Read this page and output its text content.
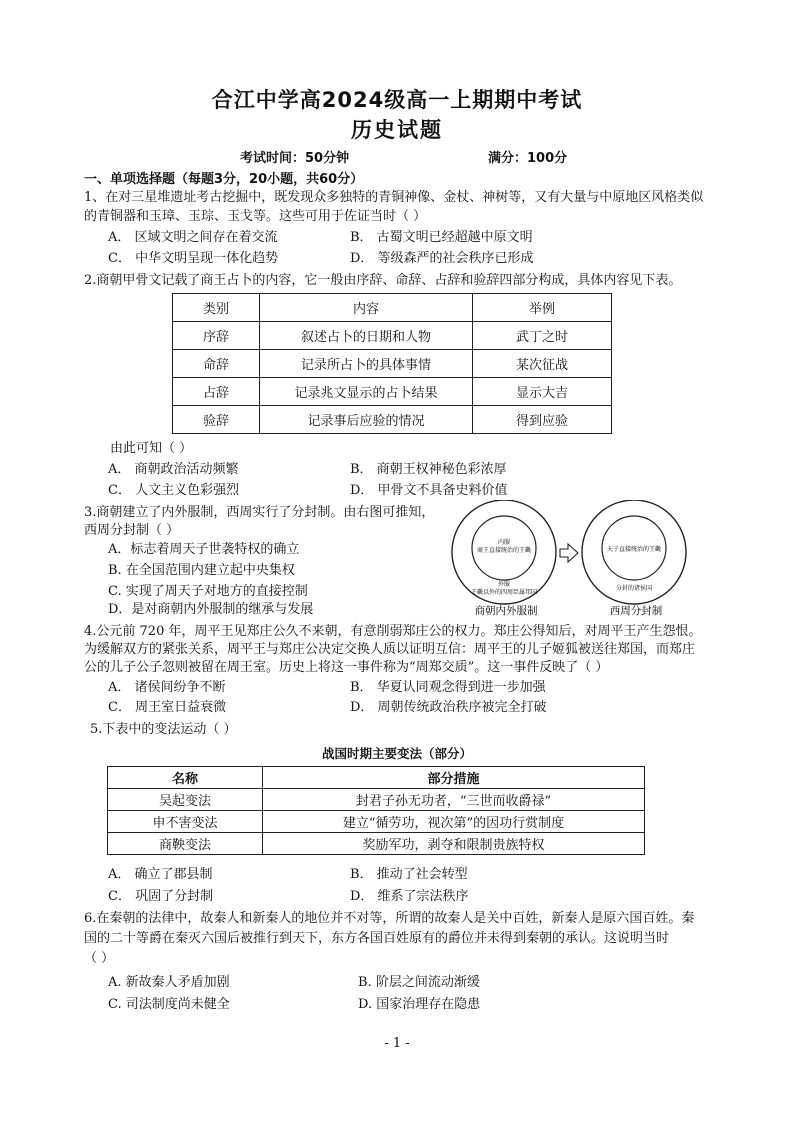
合江中学高2024级高一上期期中考试
历史试题
考试时间：50分钟	满分：100分
一、单项选择题（每题3分，20小题，共60分）
1、在对三星堆遗址考古挖掘中，既发现众多独特的青铜神像、金杖、神树等，又有大量与中原地区风格类似
的青铜器和玉璋、玉琮、玉戈等。这些可用于佐证当时（ ）
A． 区域文明之间存在着交流	B． 古蜀文明已经超越中原文明
C． 中华文明呈现一体化趋势	D． 等级森严的社会秩序已形成
2.商朝甲骨文记载了商王占卜的内容，它一般由序辞、命辞、占辞和验辞四部分构成，具体内容见下表。
类别	内容	举例
序辞	叙述占卜的日期和人物	武丁之时
命辞	记录所占卜的具体事情	某次征战
占辞	记录兆文显示的占卜结果	显示大吉
验辞	记录事后应验的情况	得到应验
由此可知（ ）
A． 商朝政治活动频繁	B． 商朝王权神秘色彩浓厚
C． 人文主义色彩强烈	D． 甲骨文不具备史料价值
3.商朝建立了内外服制，西周实行了分封制。由右图可推知，
西周分封制（ ）
A．标志着周天子世袭特权的确立
B. 在全国范围内建立起中央集权
C. 实现了周天子对地方的直接控制
D．是对商朝内外服制的继承与发展
内服
商王直接统治的王畿
外服
王畿以外的四周臣属邦国
商朝内外服制
天子直接统治的王畿
分封的诸侯国
西周分封制
4.公元前 720 年，周平王见郑庄公久不来朝，有意削弱郑庄公的权力。郑庄公得知后，对周平王产生怨恨。
为缓解双方的紧张关系，周平王与郑庄公决定交换人质以证明互信：周平王的儿子姬狐被送往郑国，而郑庄
公的儿子公子忽则被留在周王室。历史上将这一事件称为“周郑交质”。这一事件反映了（ ）
A． 诸侯间纷争不断	B． 华夏认同观念得到进一步加强
C． 周王室日益衰微	D． 周朝传统政治秩序被完全打破
5.下表中的变法运动（ ）
战国时期主要变法（部分）
名称	部分措施
吴起变法	封君子孙无功者，“三世而收爵禄”
申不害变法	建立“循劳功，视次第”的因功行赏制度
商鞅变法	奖励军功，剥夺和限制贵族特权
A． 确立了郡县制	B． 推动了社会转型
C． 巩固了分封制	D． 维系了宗法秩序
6.在秦朝的法律中，故秦人和新秦人的地位并不对等，所谓的故秦人是关中百姓，新秦人是原六国百姓。秦
国的二十等爵在秦灭六国后被推行到天下，东方各国百姓原有的爵位并未得到秦朝的承认。这说明当时
（ ）
A. 新故秦人矛盾加剧	B. 阶层之间流动渐缓
C. 司法制度尚未健全	D. 国家治理存在隐患
- 1 -
